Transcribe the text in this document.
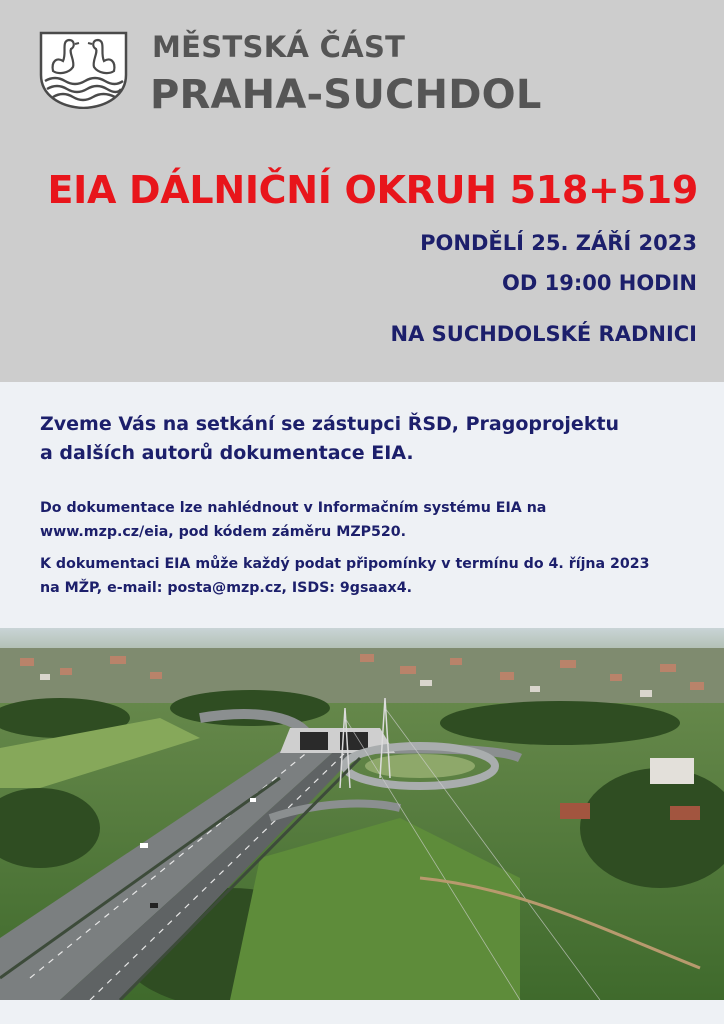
MĚSTSKÁ ČÁST
PRAHA-SUCHDOL
EIA DÁLNIČNÍ OKRUH 518+519
PONDĚLÍ 25. ZÁŘÍ 2023
OD 19:00 HODIN
NA SUCHDOLSKÉ RADNICI
Zveme Vás na setkání se zástupci ŘSD, Pragoprojektu
a dalších autorů dokumentace EIA.
Do dokumentace lze nahlédnout v Informačním systému EIA na
www.mzp.cz/eia, pod kódem záměru MZP520.
K dokumentaci EIA může každý podat připomínky v termínu do 4. října 2023
na MŽP, e-mail: posta@mzp.cz, ISDS: 9gsaax4.
